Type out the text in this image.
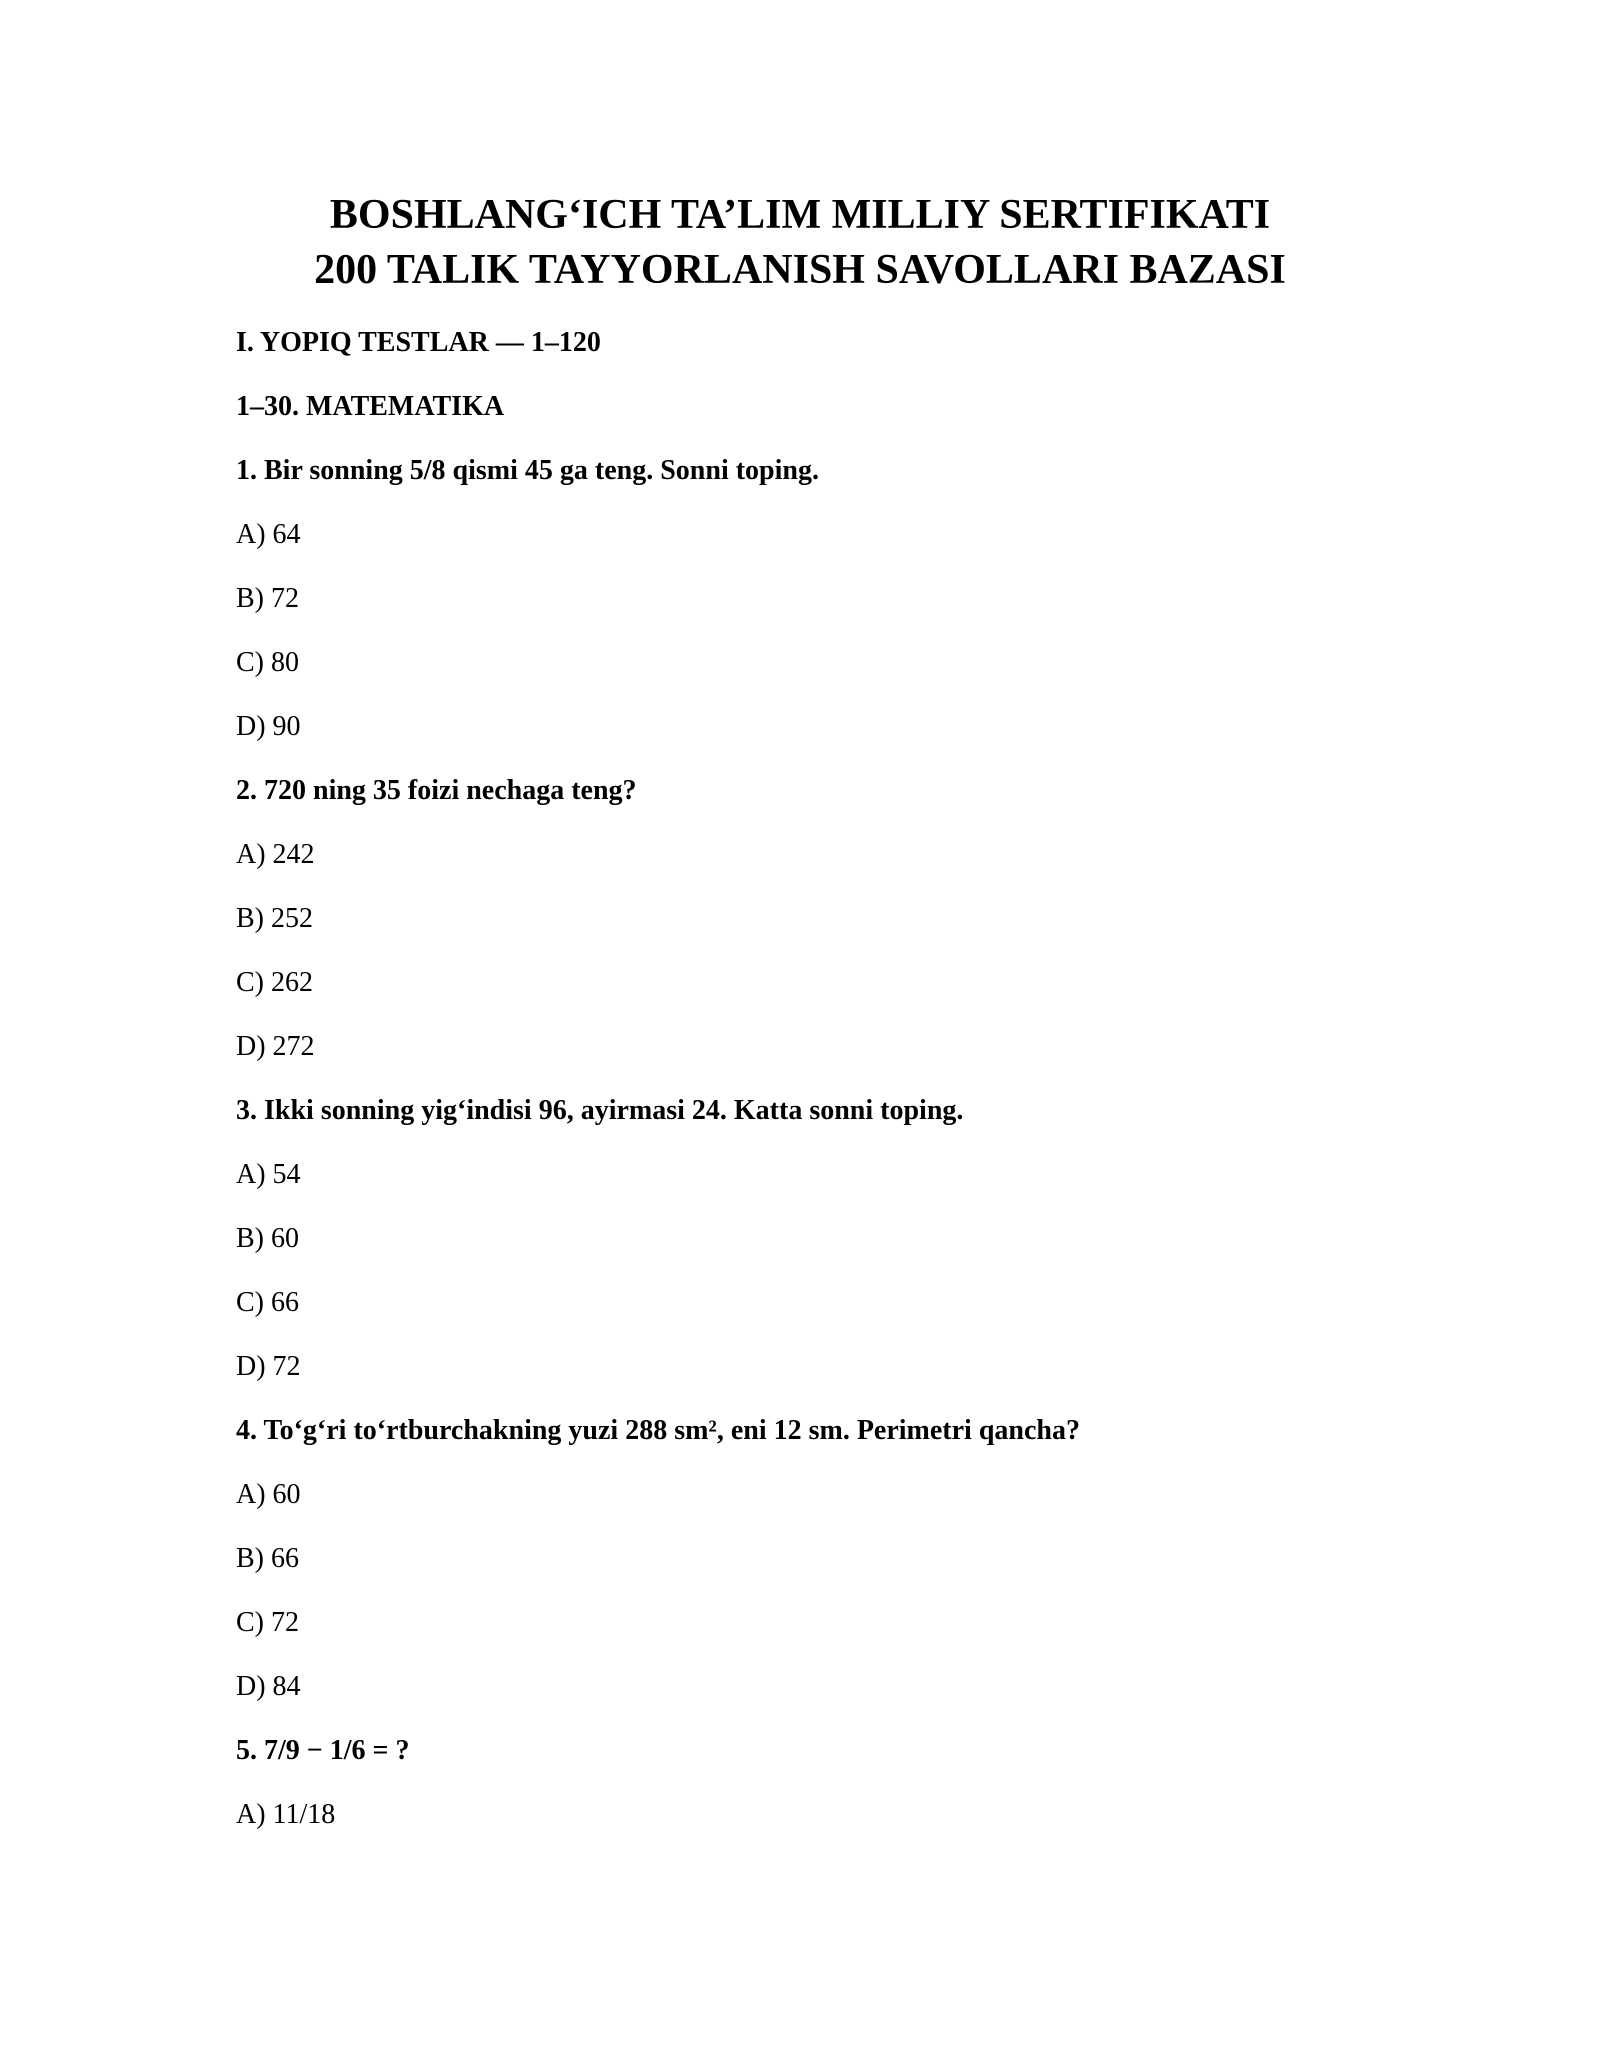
BOSHLANG‘ICH TA’LIM MILLIY SERTIFIKATI
200 TALIK TAYYORLANISH SAVOLLARI BAZASI
I. YOPIQ TESTLAR — 1–120
1–30. MATEMATIKA
1. Bir sonning 5/8 qismi 45 ga teng. Sonni toping.
A) 64
B) 72
C) 80
D) 90
2. 720 ning 35 foizi nechaga teng?
A) 242
B) 252
C) 262
D) 272
3. Ikki sonning yig‘indisi 96, ayirmasi 24. Katta sonni toping.
A) 54
B) 60
C) 66
D) 72
4. To‘g‘ri to‘rtburchakning yuzi 288 sm², eni 12 sm. Perimetri qancha?
A) 60
B) 66
C) 72
D) 84
5. 7/9 − 1/6 = ?
A) 11/18
